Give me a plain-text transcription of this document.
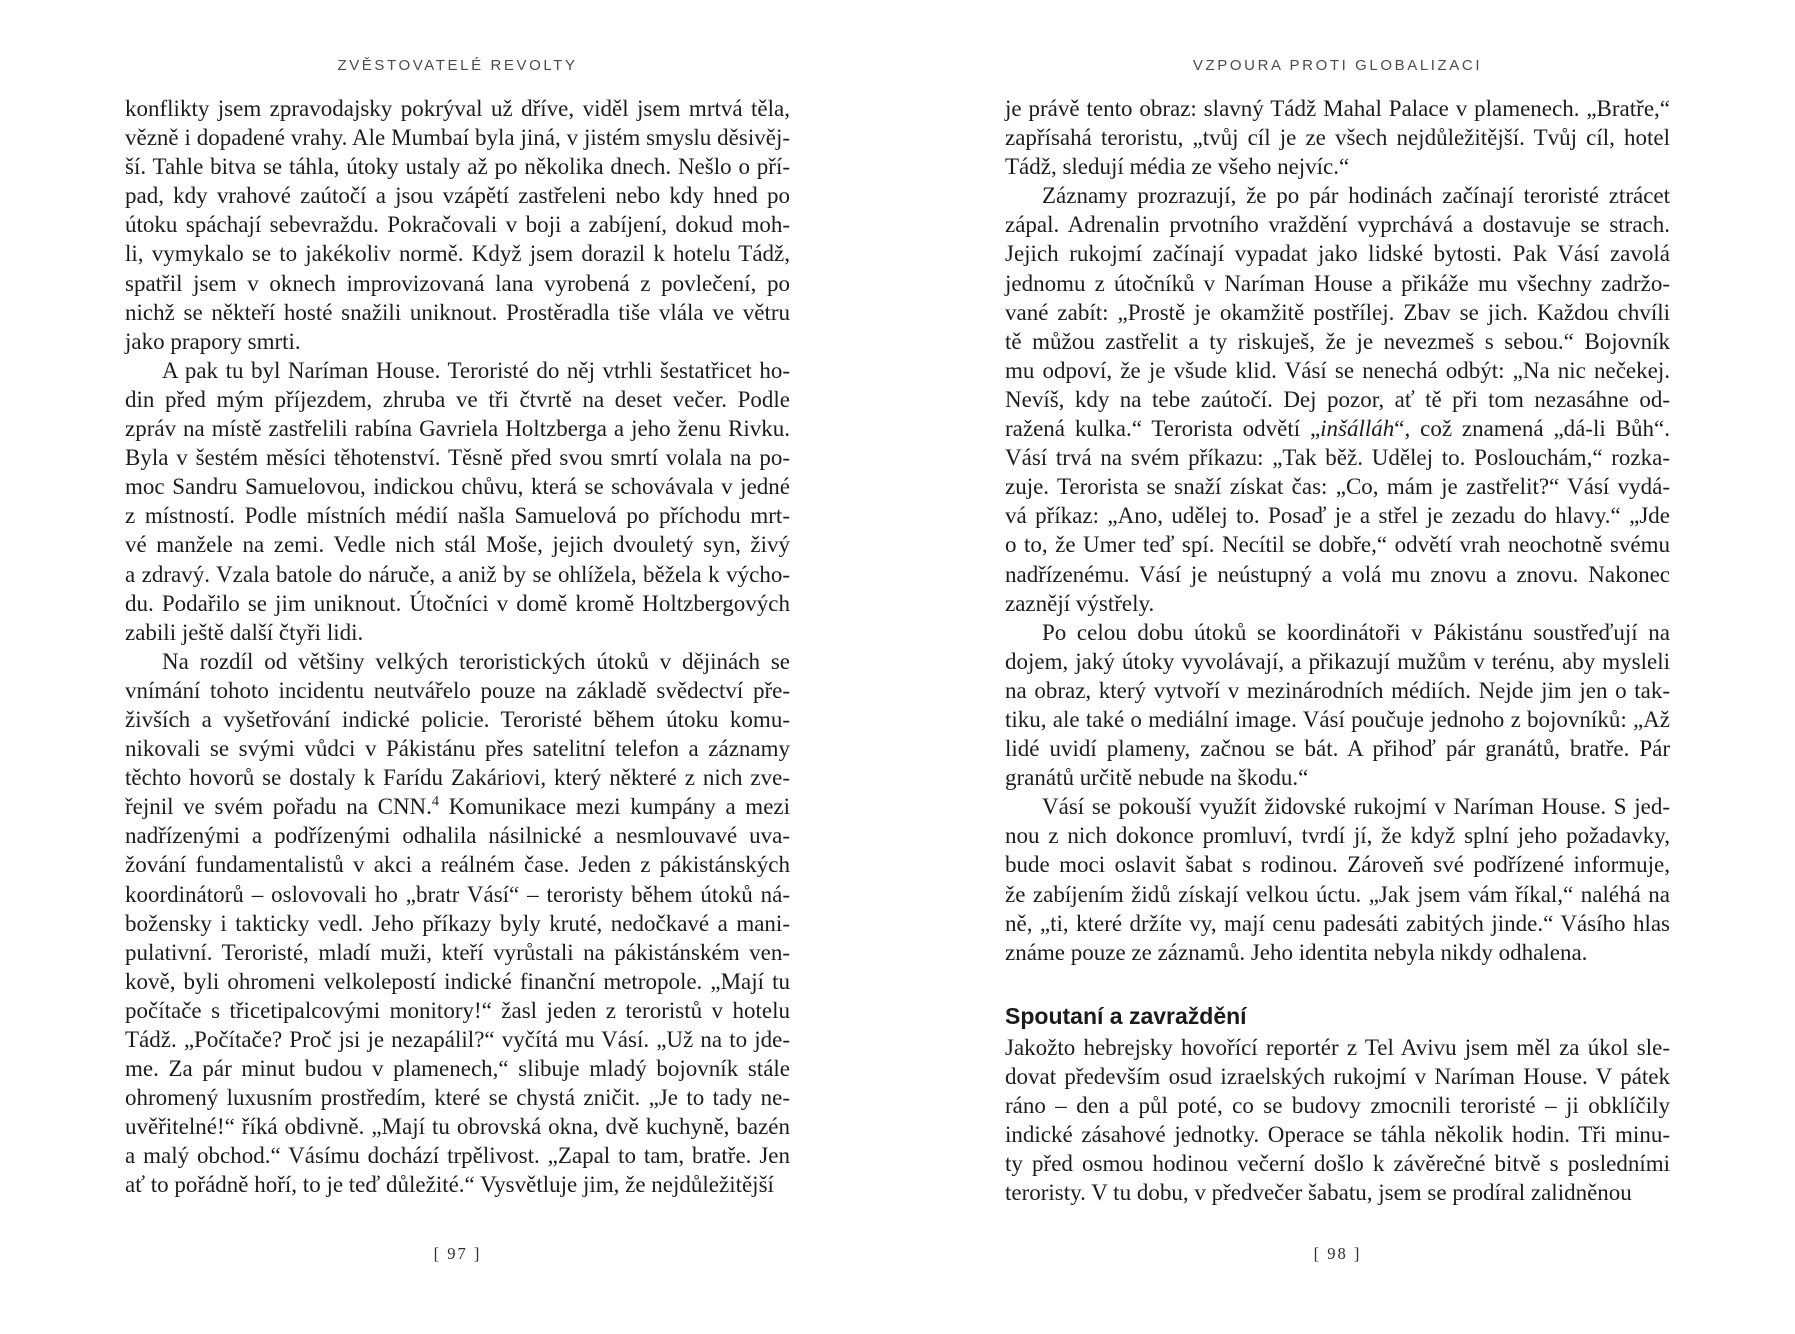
ZVĚSTOVATELÉ REVOLTY
konflikty jsem zpravodajsky pokrýval už dříve, viděl jsem mrtvá těla,
vězně i dopadené vrahy. Ale Mumbaí byla jiná, v jistém smyslu děsivěj-
ší. Tahle bitva se táhla, útoky ustaly až po několika dnech. Nešlo o pří-
pad, kdy vrahové zaútočí a jsou vzápětí zastřeleni nebo kdy hned po
útoku spáchají sebevraždu. Pokračovali v boji a zabíjení, dokud moh-
li, vymykalo se to jakékoliv normě. Když jsem dorazil k hotelu Tádž,
spatřil jsem v oknech improvizovaná lana vyrobená z povlečení, po
nichž se někteří hosté snažili uniknout. Prostěradla tiše vlála ve větru
jako prapory smrti.
A pak tu byl Naríman House. Teroristé do něj vtrhli šestatřicet ho-
din před mým příjezdem, zhruba ve tři čtvrtě na deset večer. Podle
zpráv na místě zastřelili rabína Gavriela Holtzberga a jeho ženu Rivku.
Byla v šestém měsíci těhotenství. Těsně před svou smrtí volala na po-
moc Sandru Samuelovou, indickou chůvu, která se schovávala v jedné
z místností. Podle místních médií našla Samuelová po příchodu mrt-
vé manžele na zemi. Vedle nich stál Moše, jejich dvouletý syn, živý
a zdravý. Vzala batole do náruče, a aniž by se ohlížela, běžela k výcho-
du. Podařilo se jim uniknout. Útočníci v domě kromě Holtzbergových
zabili ještě další čtyři lidi.
Na rozdíl od většiny velkých teroristických útoků v dějinách se
vnímání tohoto incidentu neutvářelo pouze na základě svědectví pře-
živších a vyšetřování indické policie. Teroristé během útoku komu-
nikovali se svými vůdci v Pákistánu přes satelitní telefon a záznamy
těchto hovorů se dostaly k Farídu Zakáriovi, který některé z nich zve-
řejnil ve svém pořadu na CNN.$^4$ Komunikace mezi kumpány a mezi
nadřízenými a podřízenými odhalila násilnické a nesmlouvavé uva-
žování fundamentalistů v akci a reálném čase. Jeden z pákistánských
koordinátorů – oslovovali ho „bratr Vásí“ – teroristy během útoků ná-
božensky i takticky vedl. Jeho příkazy byly kruté, nedočkavé a mani-
pulativní. Teroristé, mladí muži, kteří vyrůstali na pákistánském ven-
kově, byli ohromeni velkolepostí indické finanční metropole. „Mají tu
počítače s třicetipalcovými monitory!“ žasl jeden z teroristů v hotelu
Tádž. „Počítače? Proč jsi je nezapálil?“ vyčítá mu Vásí. „Už na to jde-
me. Za pár minut budou v plamenech,“ slibuje mladý bojovník stále
ohromený luxusním prostředím, které se chystá zničit. „Je to tady ne-
uvěřitelné!“ říká obdivně. „Mají tu obrovská okna, dvě kuchyně, bazén
a malý obchod.“ Vásímu dochází trpělivost. „Zapal to tam, bratře. Jen
ať to pořádně hoří, to je teď důležité.“ Vysvětluje jim, že nejdůležitější
[ 97 ]
VZPOURA PROTI GLOBALIZACI
je právě tento obraz: slavný Tádž Mahal Palace v plamenech. „Bratře,“
zapřísahá teroristu, „tvůj cíl je ze všech nejdůležitější. Tvůj cíl, hotel
Tádž, sledují média ze všeho nejvíc.“
Záznamy prozrazují, že po pár hodinách začínají teroristé ztrácet
zápal. Adrenalin prvotního vraždění vyprchává a dostavuje se strach.
Jejich rukojmí začínají vypadat jako lidské bytosti. Pak Vásí zavolá
jednomu z útočníků v Naríman House a přikáže mu všechny zadržo-
vané zabít: „Prostě je okamžitě postřílej. Zbav se jich. Každou chvíli
tě můžou zastřelit a ty riskuješ, že je nevezmeš s sebou.“ Bojovník
mu odpoví, že je všude klid. Vásí se nenechá odbýt: „Na nic nečekej.
Nevíš, kdy na tebe zaútočí. Dej pozor, ať tě při tom nezasáhne od-
ražená kulka.“ Terorista odvětí „inšálláh“, což znamená „dá-li Bůh“.
Vásí trvá na svém příkazu: „Tak běž. Udělej to. Poslouchám,“ rozka-
zuje. Terorista se snaží získat čas: „Co, mám je zastřelit?“ Vásí vydá-
vá příkaz: „Ano, udělej to. Posaď je a střel je zezadu do hlavy.“ „Jde
o to, že Umer teď spí. Necítil se dobře,“ odvětí vrah neochotně svému
nadřízenému. Vásí je neústupný a volá mu znovu a znovu. Nakonec
zaznějí výstřely.
Po celou dobu útoků se koordinátoři v Pákistánu soustřeďují na
dojem, jaký útoky vyvolávají, a přikazují mužům v terénu, aby mysleli
na obraz, který vytvoří v mezinárodních médiích. Nejde jim jen o tak-
tiku, ale také o mediální image. Vásí poučuje jednoho z bojovníků: „Až
lidé uvidí plameny, začnou se bát. A přihoď pár granátů, bratře. Pár
granátů určitě nebude na škodu.“
Vásí se pokouší využít židovské rukojmí v Naríman House. S jed-
nou z nich dokonce promluví, tvrdí jí, že když splní jeho požadavky,
bude moci oslavit šabat s rodinou. Zároveň své podřízené informuje,
že zabíjením židů získají velkou úctu. „Jak jsem vám říkal,“ naléhá na
ně, „ti, které držíte vy, mají cenu padesáti zabitých jinde.“ Vásího hlas
známe pouze ze záznamů. Jeho identita nebyla nikdy odhalena.
Spoutaní a zavraždění
Jakožto hebrejsky hovořící reportér z Tel Avivu jsem měl za úkol sle-
dovat především osud izraelských rukojmí v Naríman House. V pátek
ráno – den a půl poté, co se budovy zmocnili teroristé – ji obklíčily
indické zásahové jednotky. Operace se táhla několik hodin. Tři minu-
ty před osmou hodinou večerní došlo k závěrečné bitvě s posledními
teroristy. V tu dobu, v předvečer šabatu, jsem se prodíral zalidněnou
[ 98 ]
